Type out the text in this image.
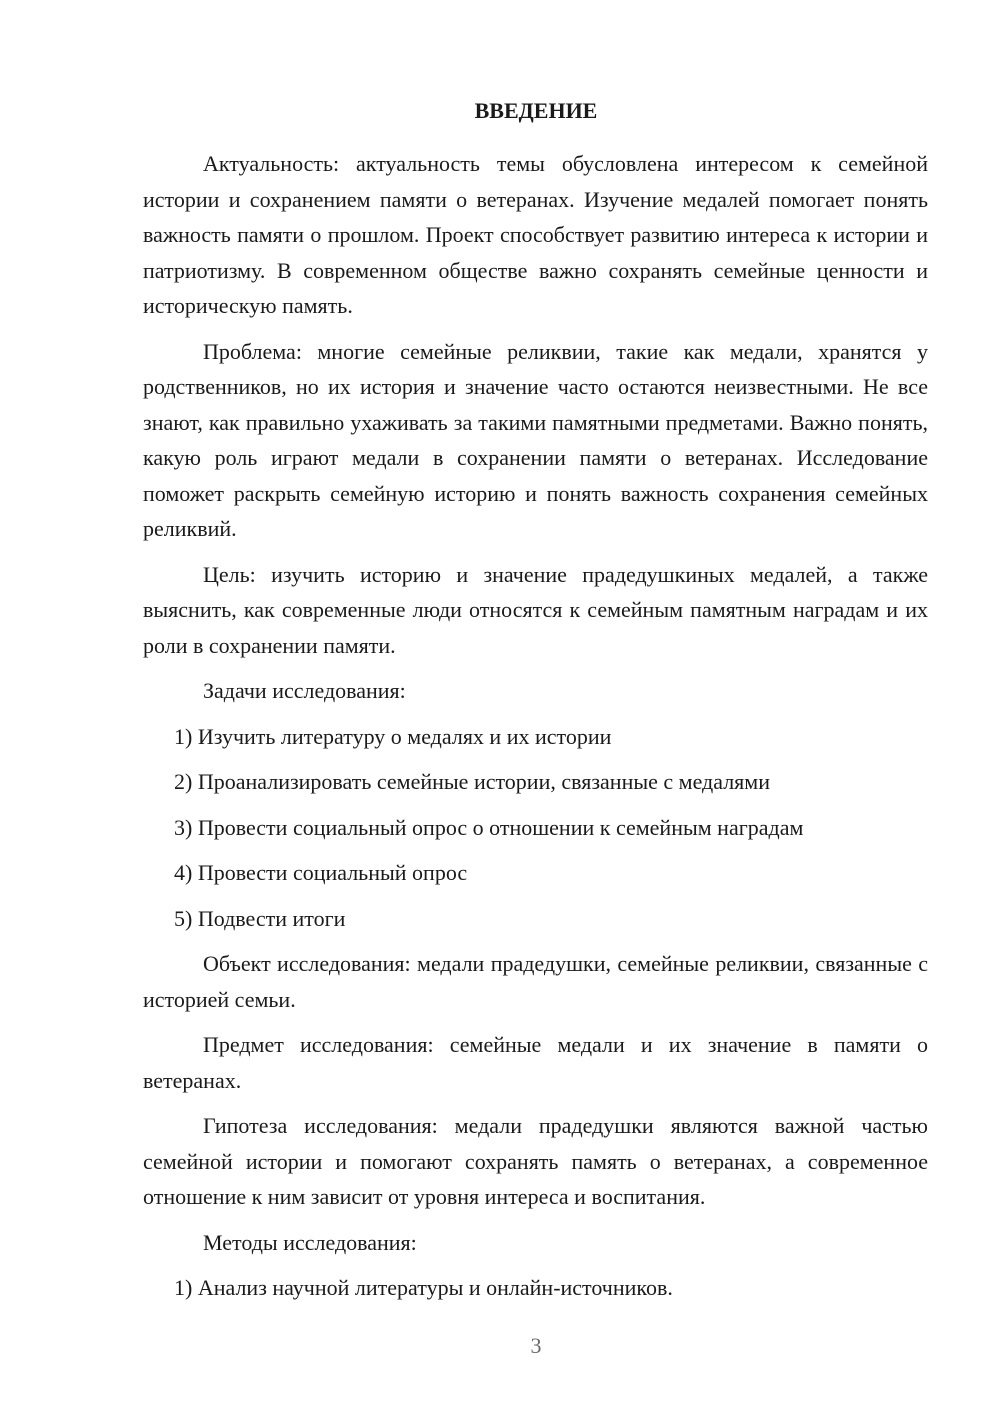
ВВЕДЕНИЕ

Актуальность: актуальность темы обусловлена интересом к семейной истории и сохранением памяти о ветеранах. Изучение медалей помогает понять важность памяти о прошлом. Проект способствует развитию интереса к истории и патриотизму. В современном обществе важно сохранять семейные ценности и историческую память.

Проблема: многие семейные реликвии, такие как медали, хранятся у родственников, но их история и значение часто остаются неизвестными. Не все знают, как правильно ухаживать за такими памятными предметами. Важно понять, какую роль играют медали в сохранении памяти о ветеранах. Исследование поможет раскрыть семейную историю и понять важность сохранения семейных реликвий.

Цель: изучить историю и значение прадедушкиных медалей, а также выяснить, как современные люди относятся к семейным памятным наградам и их роли в сохранении памяти.

Задачи исследования:

1) Изучить литературу о медалях и их истории
2) Проанализировать семейные истории, связанные с медалями
3) Провести социальный опрос о отношении к семейным наградам
4) Провести социальный опрос
5) Подвести итоги

Объект исследования: медали прадедушки, семейные реликвии, связанные с историей семьи.

Предмет исследования: семейные медали и их значение в памяти о ветеранах.

Гипотеза исследования: медали прадедушки являются важной частью семейной истории и помогают сохранять память о ветеранах, а современное отношение к ним зависит от уровня интереса и воспитания.

Методы исследования:

1) Анализ научной литературы и онлайн-источников.
3
